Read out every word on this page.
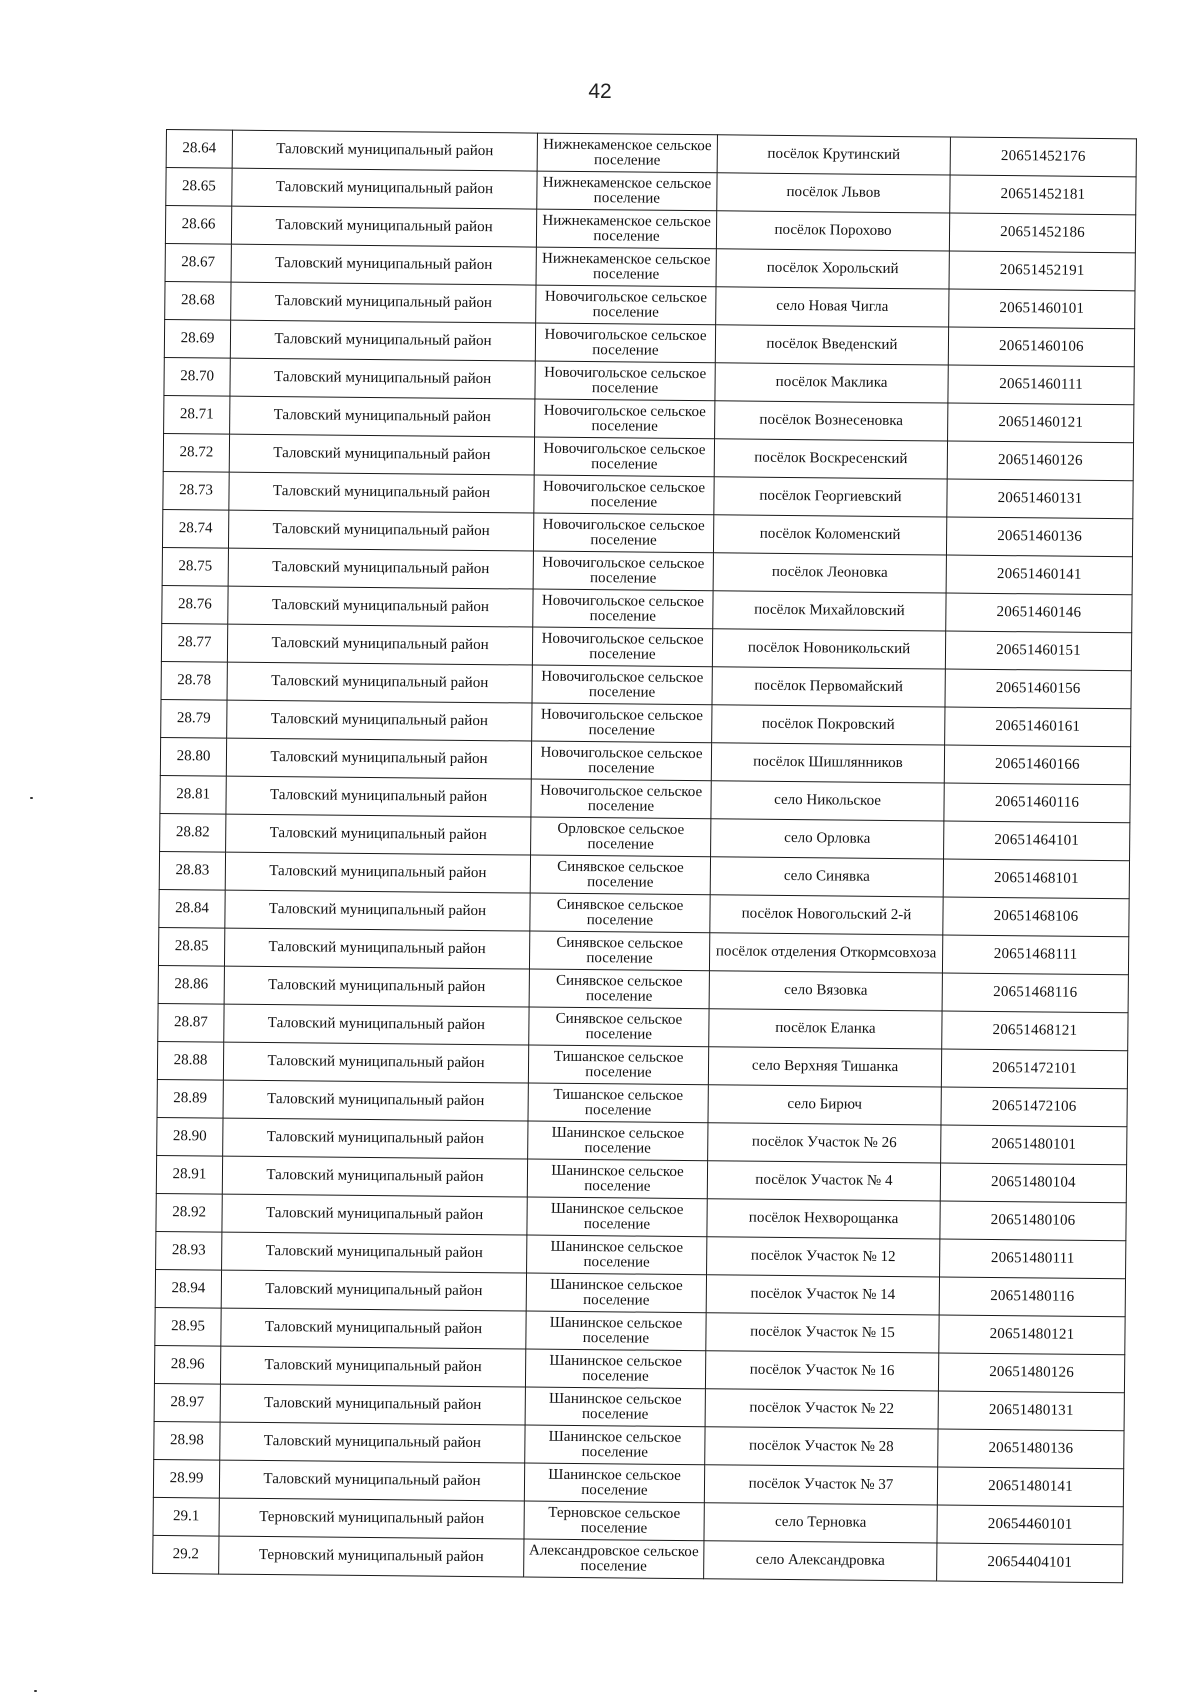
42
28.64	Таловский муниципальный район	Нижнекаменское сельское поселение	посёлок Крутинский	20651452176
28.65	Таловский муниципальный район	Нижнекаменское сельское поселение	посёлок Львов	20651452181
28.66	Таловский муниципальный район	Нижнекаменское сельское поселение	посёлок Порохово	20651452186
28.67	Таловский муниципальный район	Нижнекаменское сельское поселение	посёлок Хорольский	20651452191
28.68	Таловский муниципальный район	Новочигольское сельское поселение	село Новая Чигла	20651460101
28.69	Таловский муниципальный район	Новочигольское сельское поселение	посёлок Введенский	20651460106
28.70	Таловский муниципальный район	Новочигольское сельское поселение	посёлок Маклика	20651460111
28.71	Таловский муниципальный район	Новочигольское сельское поселение	посёлок Вознесеновка	20651460121
28.72	Таловский муниципальный район	Новочигольское сельское поселение	посёлок Воскресенский	20651460126
28.73	Таловский муниципальный район	Новочигольское сельское поселение	посёлок Георгиевский	20651460131
28.74	Таловский муниципальный район	Новочигольское сельское поселение	посёлок Коломенский	20651460136
28.75	Таловский муниципальный район	Новочигольское сельское поселение	посёлок Леоновка	20651460141
28.76	Таловский муниципальный район	Новочигольское сельское поселение	посёлок Михайловский	20651460146
28.77	Таловский муниципальный район	Новочигольское сельское поселение	посёлок Новоникольский	20651460151
28.78	Таловский муниципальный район	Новочигольское сельское поселение	посёлок Первомайский	20651460156
28.79	Таловский муниципальный район	Новочигольское сельское поселение	посёлок Покровский	20651460161
28.80	Таловский муниципальный район	Новочигольское сельское поселение	посёлок Шишлянников	20651460166
28.81	Таловский муниципальный район	Новочигольское сельское поселение	село Никольское	20651460116
28.82	Таловский муниципальный район	Орловское сельское поселение	село Орловка	20651464101
28.83	Таловский муниципальный район	Синявское сельское поселение	село Синявка	20651468101
28.84	Таловский муниципальный район	Синявское сельское поселение	посёлок Новогольский 2-й	20651468106
28.85	Таловский муниципальный район	Синявское сельское поселение	посёлок отделения Откормсовхоза	20651468111
28.86	Таловский муниципальный район	Синявское сельское поселение	село Вязовка	20651468116
28.87	Таловский муниципальный район	Синявское сельское поселение	посёлок Еланка	20651468121
28.88	Таловский муниципальный район	Тишанское сельское поселение	село Верхняя Тишанка	20651472101
28.89	Таловский муниципальный район	Тишанское сельское поселение	село Бирюч	20651472106
28.90	Таловский муниципальный район	Шанинское сельское поселение	посёлок Участок № 26	20651480101
28.91	Таловский муниципальный район	Шанинское сельское поселение	посёлок Участок № 4	20651480104
28.92	Таловский муниципальный район	Шанинское сельское поселение	посёлок Нехворощанка	20651480106
28.93	Таловский муниципальный район	Шанинское сельское поселение	посёлок Участок № 12	20651480111
28.94	Таловский муниципальный район	Шанинское сельское поселение	посёлок Участок № 14	20651480116
28.95	Таловский муниципальный район	Шанинское сельское поселение	посёлок Участок № 15	20651480121
28.96	Таловский муниципальный район	Шанинское сельское поселение	посёлок Участок № 16	20651480126
28.97	Таловский муниципальный район	Шанинское сельское поселение	посёлок Участок № 22	20651480131
28.98	Таловский муниципальный район	Шанинское сельское поселение	посёлок Участок № 28	20651480136
28.99	Таловский муниципальный район	Шанинское сельское поселение	посёлок Участок № 37	20651480141
29.1	Терновский муниципальный район	Терновское сельское поселение	село Терновка	20654460101
29.2	Терновский муниципальный район	Александровское сельское поселение	село Александровка	20654404101
